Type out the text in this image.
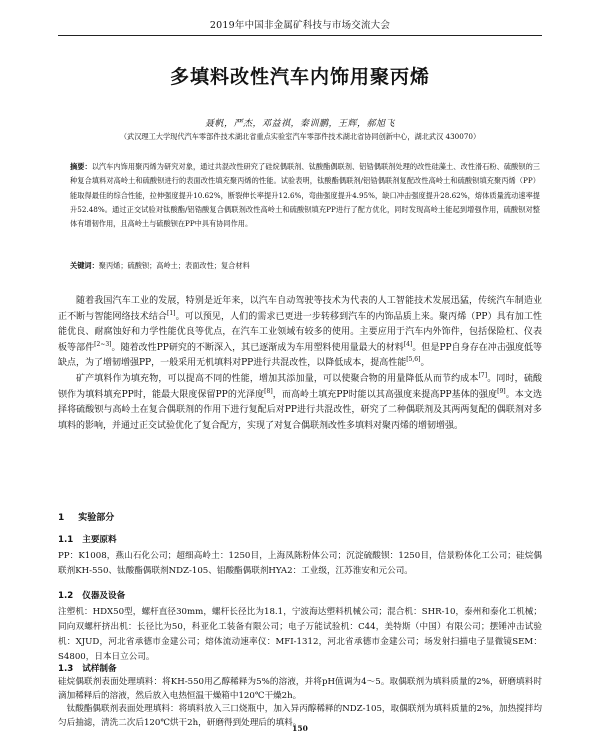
2019年中国非金属矿科技与市场交流大会
多填料改性汽车内饰用聚丙烯
聂帆，严杰，邓益祺，秦训鹏，王辉，郝旭飞
（武汉理工大学现代汽车零部件技术湖北省重点实验室汽车零部件技术湖北省协同创新中心，湖北武汉 430070）

摘要：以汽车内饰用聚丙烯为研究对象，通过共混改性研究了硅烷偶联剂、钛酸酯偶联剂、铝锆偶联剂处理的改性硅藻土、改性滑石粉、硫酸钡的三种复合填料对高岭土和硫酸钡进行的表面改性填充聚丙烯的性能。试验表明，钛酸酯偶联剂/铝锆偶联剂复配改性高岭土和硫酸钡填充聚丙烯（PP）能取得最佳的综合性能，拉伸强度提升10.62%，断裂伸长率提升12.6%，弯曲强度提升4.95%，缺口冲击强度提升28.62%，熔体质量流动速率提升52.48%。通过正交试验对钛酸酯/铝锆酸复合偶联剂改性高岭土和硫酸钡填充PP进行了配方优化，同时发现高岭土能起到增强作用，硫酸钡对整体有增韧作用，且高岭土与硫酸钡在PP中具有协同作用。

关键词：聚丙烯；硫酸钡；高岭土；表面改性；复合材料

随着我国汽车工业的发展，特别是近年来，以汽车自动驾驶等技术为代表的人工智能技术发展迅猛，传统汽车制造业正不断与智能网络技术结合[1]。可以预见，人们的需求已更进一步转移到汽车的内饰品质上来。聚丙烯（PP）具有加工性能优良、耐腐蚀好和力学性能优良等优点，在汽车工业领域有较多的使用。主要应用于汽车内外饰件，包括保险杠、仪表板等部件[2~3]。随着改性PP研究的不断深入，其已逐渐成为车用塑料使用量最大的材料[4]。但是PP自身存在冲击强度低等缺点，为了增韧增强PP，一般采用无机填料对PP进行共混改性，以降低成本，提高性能[5,6]。

矿产填料作为填充物，可以提高不同的性能，增加其添加量，可以使聚合物的用量降低从而节约成本[7]。同时，硫酸钡作为填料填充PP时，能最大限度保留PP的光泽度[8]，而高岭土填充PP时能以其高强度来提高PP基体的强度[9]。本文选择将硫酸钡与高岭土在复合偶联剂的作用下进行复配后对PP进行共混改性，研究了二种偶联剂及其两两复配的偶联剂对多填料的影响，并通过正交试验优化了复合配方，实现了对复合偶联剂改性多填料对聚丙烯的增韧增强。

1 实验部分
1.1 主要原料

PP：K1008，燕山石化公司；超细高岭土：1250目，上海凤陈粉体公司；沉淀硫酸钡：1250目，信景粉体化工公司；硅烷偶联剂KH-550、钛酸酯偶联剂NDZ-105、铝酸酯偶联剂HYA2：工业级，江苏淮安和元公司。

1.2 仪器及设备

注塑机：HDX50型，螺杆直径30mm，螺杆长径比为18.1，宁波海达塑料机械公司；混合机：SHR-10，泰州和泰化工机械；同向双螺杆挤出机：长径比为50，科亚化工装备有限公司；电子万能试验机：C44，美特斯（中国）有限公司；摆锤冲击试验机：XJUD，河北省承德市金建公司；熔体流动速率仪：MFI-1312，河北省承德市金建公司；场发射扫描电子显微镜SEM：S4800，日本日立公司。

1.3 试样制备

硅烷偶联剂表面处理填料：将KH-550用乙醇稀释为5%的溶液，并将pH值调为4～5。取偶联剂为填料质量的2%，研磨填料时滴加稀释后的溶液，然后放入电热恒温干燥箱中120℃干燥2h。

钛酸酯偶联剂表面处理填料：将填料放入三口烧瓶中，加入异丙醇稀释的NDZ-105，取偶联剂为填料质量的2%，加热搅拌均匀后抽滤，清洗二次后120℃烘干2h，研磨得到处理后的填料。

150
